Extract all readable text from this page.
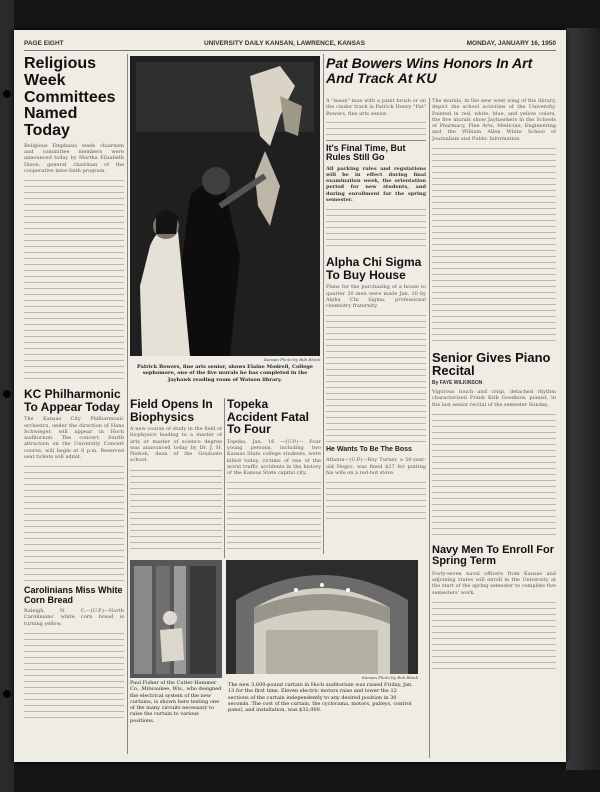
PAGE EIGHT	UNIVERSITY DAILY KANSAN, LAWRENCE, KANSAS	MONDAY, JANUARY 16, 1950

Religious Week Committees Named Today

Religious Emphasis week chairmen and committee members were announced today by Martha Elizabeth Dixon, general chairman of the cooperative inter-faith program.

KC Philharmonic To Appear Today

The Kansas City Philharmonic orchestra, under the direction of Hans Schwieger, will appear in Hoch auditorium. The concert, fourth attraction on the University Concert course, will begin at 8 p.m. Reserved seat tickets will admit.

Carolinians Miss White Corn Bread

Raleigh, N. C.—(U.P.)—North Carolinians' white corn bread is turning yellow.

Kansan Photo by Bob Blank
Patrick Bowers, fine arts senior, shows Elaine Modrell, College sophomore, one of the five murals he has completed in the Jayhawk reading room of Watson library.

Field Opens In Biophysics

A new course of study in the field of biophysics leading to a master of arts or master of science degree was announced today by Dr. J. H. Nelson, dean of the Graduate school.

Topeka Accident Fatal To Four

Topeka, Jan. 16 —(U.P.)— Four young persons, including two Kansas State college students, were killed today, victims of one of the worst traffic accidents in the history of the Kansas State capital city.

Paul Fisher of the Cutler-Hammer Co., Milwaukee, Wis., who designed the electrical system of the new curtains, is shown here testing one of the many circuits necessary to raise the curtain to various positions.
Kansan Photo by Bob Blank
The new 3,600-pound curtain in Hoch auditorium was raised Friday, Jan. 13 for the first time. Eleven electric motors raise and lower the 12 sections of the curtain independently to any desired position in 30 seconds. The cost of the curtain, the cyclorama, motors, pulleys, control panel, and installation, was $32,000.

Pat Bowers Wins Honors In Art And Track At KU

A "mean" man with a paint brush or on the cinder track is Patrick Henry "Pat" Bowers, fine arts senior.

It's Final Time, But Rules Still Go

All parking rules and regulations will be in effect during final examination week, the orientation period for new students, and during enrollment for the spring semester.

Alpha Chi Sigma To Buy House

Plans for the purchasing of a house to quarter 30 men were made Jan. 10 by Alpha Chi Sigma, professional chemistry fraternity.

He Wants To Be The Boss

Atlanta—(U.P.)—Roy Turner, a 50-year-old Negro, was fined $27 for putting his wife on a red-hot stove.

The murals, in the new west wing of the library, depict the school activities of the University. Painted in red, white, blue, and yellow colors, the five murals show Jayhawkers in the Schools of Pharmacy, Fine Arts, Medicine, Engineering and the William Allen White School of Journalism and Public Information.

Senior Gives Piano Recital

By FAYE WILKINSON

Vigorous touch and crisp, detached rhythm characterized Frank Kirk Goodnow, pianist, in the last senior recital of the semester Sunday.

Navy Men To Enroll For Spring Term

Forty-seven naval officers from Kansas and adjoining states will enroll in the University at the start of the spring semester to complete five semesters' work.
